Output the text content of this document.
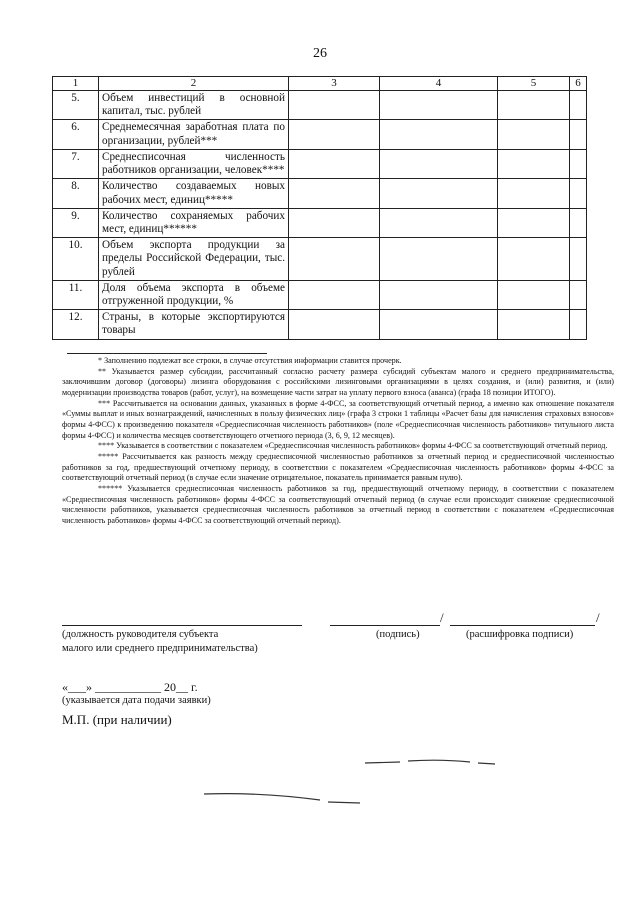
26
1	2	3	4	5	6
5.	Объем инвестиций в основной капитал, тыс. рублей				
6.	Среднемесячная заработная плата по организации, рублей***				
7.	Среднесписочная численность работников организации, человек****				
8.	Количество создаваемых новых рабочих мест, единиц*****				
9.	Количество сохраняемых рабочих мест, единиц******				
10.	Объем экспорта продукции за пределы Российской Федерации, тыс. рублей				
11.	Доля объема экспорта в объеме отгруженной продукции, %				
12.	Страны, в которые экспортируются товары				

* Заполнению подлежат все строки, в случае отсутствия информации ставится прочерк.

** Указывается размер субсидии, рассчитанный согласно расчету размера субсидий субъектам малого и среднего предпринимательства, заключившим договор (договоры) лизинга оборудования с российскими лизинговыми организациями в целях создания, и (или) развития, и (или) модернизации производства товаров (работ, услуг), на возмещение части затрат на уплату первого взноса (аванса) (графа 18 позиции ИТОГО).

*** Рассчитывается на основании данных, указанных в форме 4-ФСС, за соответствующий отчетный период, а именно как отношение показателя «Суммы выплат и иных вознаграждений, начисленных в пользу физических лиц» (графа 3 строки 1 таблицы «Расчет базы для начисления страховых взносов» формы 4-ФСС) к произведению показателя «Среднесписочная численность работников» (поле «Среднесписочная численность работников» титульного листа формы 4-ФСС) и количества месяцев соответствующего отчетного периода (3, 6, 9, 12 месяцев).

**** Указывается в соответствии с показателем «Среднесписочная численность работников» формы 4-ФСС за соответствующий отчетный период.

***** Рассчитывается как разность между среднесписочной численностью работников за отчетный период и среднесписочной численностью работников за год, предшествующий отчетному периоду, в соответствии с показателем «Среднесписочная численность работников» формы 4-ФСС за соответствующий отчетный период (в случае если значение отрицательное, показатель принимается равным нулю).

****** Указывается среднесписочная численность работников за год, предшествующий отчетному периоду, в соответствии с показателем «Среднесписочная численность работников» формы 4-ФСС за соответствующий отчетный период (в случае если происходит снижение среднесписочной численности работников, указывается среднесписочная численность работников за отчетный период в соответствии с показателем «Среднесписочная численность работников» формы 4-ФСС за соответствующий отчетный период).

/	/
(должность руководителя субъекта
малого или среднего предпринимательства)
(подпись)	(расшифровка подписи)
«___» ___________ 20__ г.
(указывается дата подачи заявки)
М.П. (при наличии)
